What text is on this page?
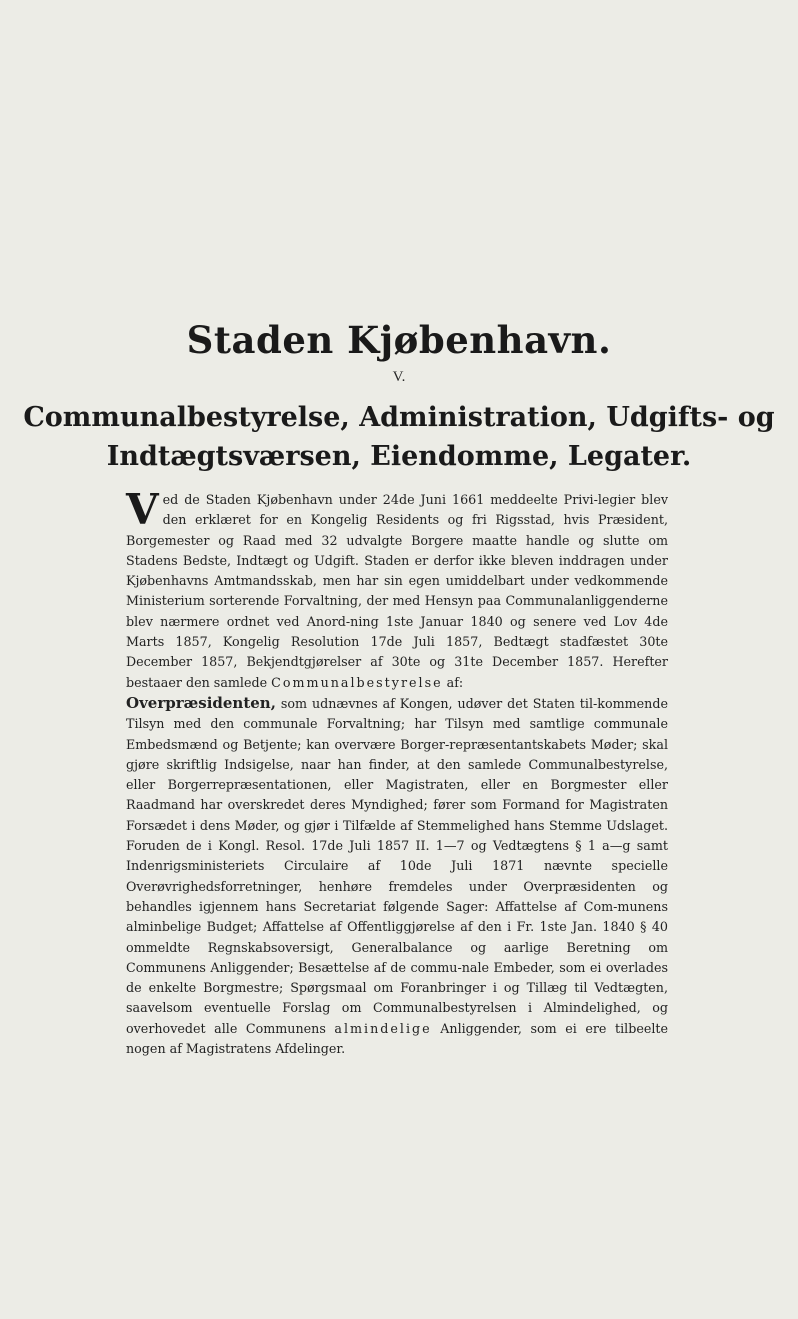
Staden Kjøbenhavn.
V.
Communalbestyrelse, Administration, Udgifts- og
Indtægtsværsen, Eiendomme, Legater.

Ved de Staden Kjøbenhavn under 24de Juni 1661 meddeelte Privi-legier blev den erklæret for en Kongelig Residents og fri Rigsstad, hvis Præsident, Borgemester og Raad med 32 udvalgte Borgere maatte handle og slutte om Stadens Bedste, Indtægt og Udgift. Staden er derfor ikke bleven inddragen under Kjøbenhavns Amtmandsskab, men har sin egen umiddelbart under vedkommende Ministerium sorterende Forvaltning, der med Hensyn paa Communalanliggenderne blev nærmere ordnet ved Anord-ning 1ste Januar 1840 og senere ved Lov 4de Marts 1857, Kongelig Resolution 17de Juli 1857, Bedtægt stadfæstet 30te December 1857, Bekjendtgjørelser af 30te og 31te December 1857. Herefter bestaaer den samlede Communalbestyrelse af:

Overpræsidenten, som udnævnes af Kongen, udøver det Staten til-kommende Tilsyn med den communale Forvaltning; har Tilsyn med samtlige communale Embedsmænd og Betjente; kan overvære Borger-repræsentantskabets Møder; skal gjøre skriftlig Indsigelse, naar han finder, at den samlede Communalbestyrelse, eller Borgerrepræsentationen, eller Magistraten, eller en Borgmester eller Raadmand har overskredet deres Myndighed; fører som Formand for Magistraten Forsædet i dens Møder, og gjør i Tilfælde af Stemmelighed hans Stemme Udslaget. Foruden de i Kongl. Resol. 17de Juli 1857 II. 1—7 og Vedtægtens § 1 a—g samt Indenrigsministeriets Circulaire af 10de Juli 1871 nævnte specielle Overøvrighedsforretninger, henhøre fremdeles under Overpræsidenten og behandles igjennem hans Secretariat følgende Sager: Affattelse af Com-munens alminbelige Budget; Affattelse af Offentliggjørelse af den i Fr. 1ste Jan. 1840 § 40 ommeldte Regnskabsoversigt, Generalbalance og aarlige Beretning om Communens Anliggender; Besættelse af de commu-nale Embeder, som ei overlades de enkelte Borgmestre; Spørgsmaal om Foranbringer i og Tillæg til Vedtægten, saavelsom eventuelle Forslag om Communalbestyrelsen i Almindelighed, og overhovedet alle Communens almindelige Anliggender, som ei ere tilbeelte nogen af Magistratens Afdelinger.
